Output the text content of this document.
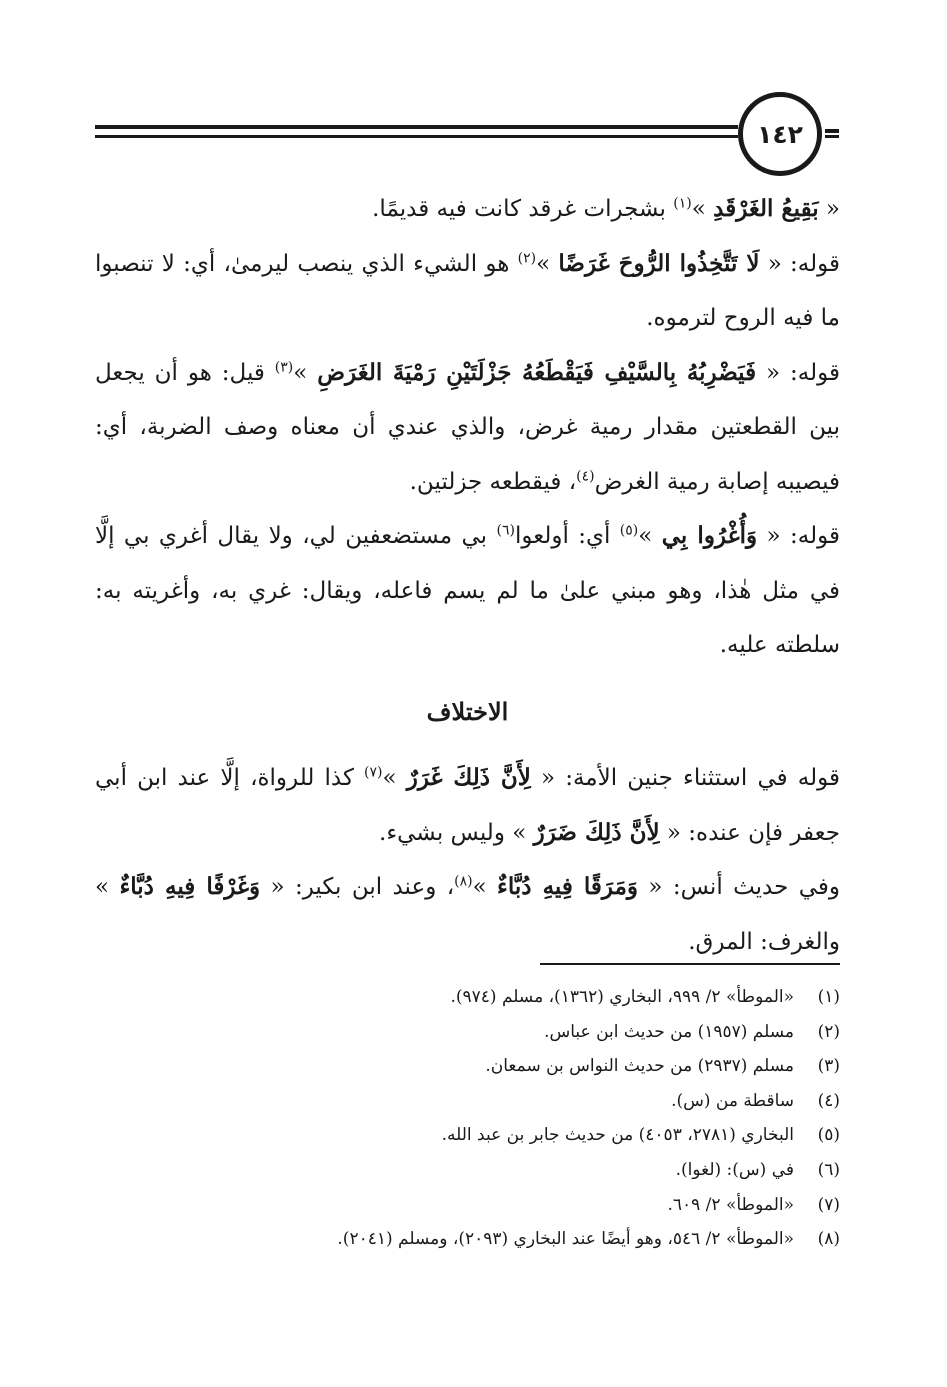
١٤٢

« بَقِيعُ الغَرْقَدِ »$^{(١)}$ بشجرات غرقد كانت فيه قديمًا.

قوله: « لَا تَتَّخِذُوا الرُّوحَ غَرَضًا »$^{(٢)}$ هو الشيء الذي ينصب ليرمىٰ، أي: لا تنصبوا ما فيه الروح لترموه.

قوله: « فَيَضْرِبُهُ بِالسَّيْفِ فَيَقْطَعُهُ جَزْلَتَيْنِ رَمْيَةَ الغَرَضِ »$^{(٣)}$ قيل: هو أن يجعل بين القطعتين مقدار رمية غرض، والذي عندي أن معناه وصف الضربة، أي: فيصيبه إصابة رمية الغرض$^{(٤)}$، فيقطعه جزلتين.

قوله: « وَأُغْرُوا بِي »$^{(٥)}$ أي: أولعوا$^{(٦)}$ بي مستضعفين لي، ولا يقال أغري بي إلَّا في مثل هٰذا، وهو مبني علىٰ ما لم يسم فاعله، ويقال: غري به، وأغريته به: سلطته عليه.

الاختلاف

قوله في استثناء جنين الأمة: « لِأَنَّ ذَلِكَ غَرَرٌ »$^{(٧)}$ كذا للرواة، إلَّا عند ابن أبي جعفر فإن عنده: « لِأَنَّ ذَلِكَ ضَرَرٌ » وليس بشيء.

وفي حديث أنس: « وَمَرَقًا فِيهِ دُبَّاءٌ »$^{(٨)}$، وعند ابن بكير: « وَغَرْفًا فِيهِ دُبَّاءٌ » والغرف: المرق.

(١)
«الموطأ» ٢/ ٩٩٩، البخاري (١٣٦٢)، مسلم (٩٧٤).
(٢)
مسلم (١٩٥٧) من حديث ابن عباس.
(٣)
مسلم (٢٩٣٧) من حديث النواس بن سمعان.
(٤)
ساقطة من (س).
(٥)
البخاري (٢٧٨١، ٤٠٥٣) من حديث جابر بن عبد الله.
(٦)
في (س): (لغوا).
(٧)
«الموطأ» ٢/ ٦٠٩.
(٨)
«الموطأ» ٢/ ٥٤٦، وهو أيضًا عند البخاري (٢٠٩٣)، ومسلم (٢٠٤١).
